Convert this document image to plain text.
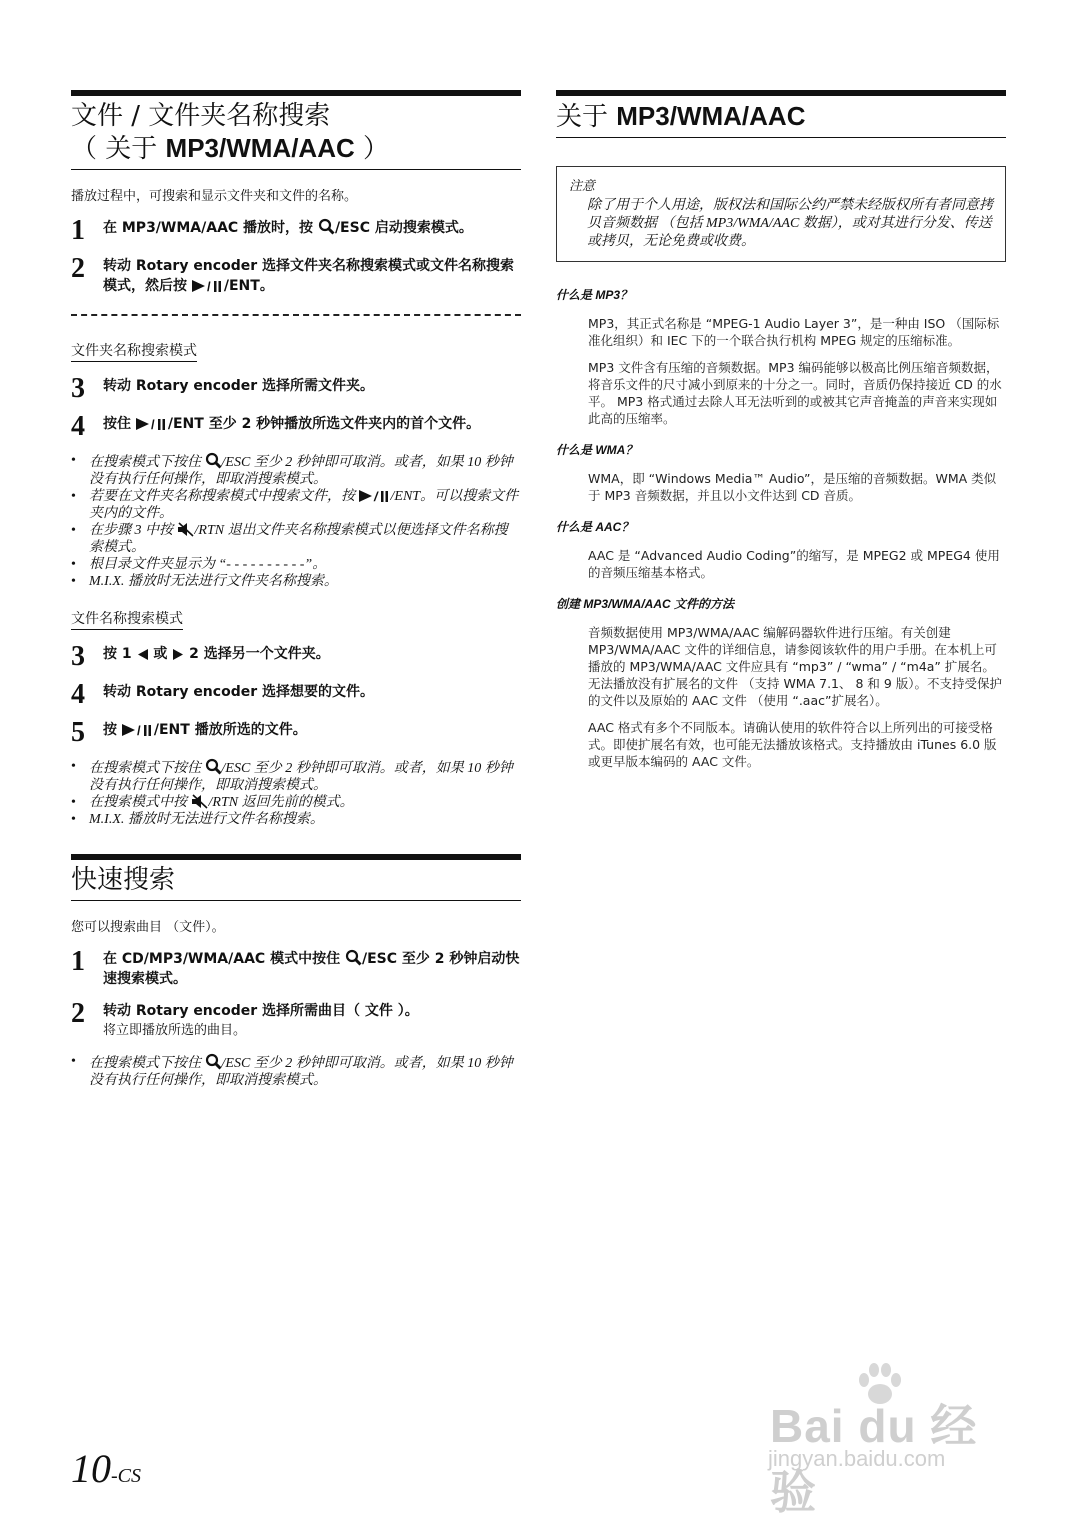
文件 / 文件夹名称搜索
（ 关于 MP3/WMA/AAC ）
播放过程中，可搜索和显示文件夹和文件的名称。
1	在 MP3/WMA/AAC 播放时，按 /ESC 启动搜索模式。
2	转动 Rotary encoder 选择文件夹名称搜索模式或文件名称搜索模式，然后按 / /ENT。
文件夹名称搜索模式
3	转动 Rotary encoder 选择所需文件夹。
4	按住 / /ENT 至少 2 秒钟播放所选文件夹内的首个文件。
• 在搜索模式下按住 /ESC 至少 2 秒钟即可取消。或者，如果 10 秒钟没有执行任何操作，即取消搜索模式。
• 若要在文件夹名称搜索模式中搜索文件，按 / /ENT。可以搜索文件夹内的文件。
• 在步骤 3 中按 /RTN 退出文件夹名称搜索模式以便选择文件名称搜索模式。
• 根目录文件夹显示为 “- - - - - - - - - -”。
• M.I.X. 播放时无法进行文件夹名称搜索。
文件名称搜索模式
3	按 1  或  2 选择另一个文件夹。
4	转动 Rotary encoder 选择想要的文件。
5	按 / /ENT 播放所选的文件。
• 在搜索模式下按住 /ESC 至少 2 秒钟即可取消。或者，如果 10 秒钟没有执行任何操作，即取消搜索模式。
• 在搜索模式中按 /RTN 返回先前的模式。
• M.I.X. 播放时无法进行文件名称搜索。
快速搜索
您可以搜索曲目 （文件）。
1	在 CD/MP3/WMA/AAC 模式中按住 /ESC 至少 2 秒钟启动快速搜索模式。
2	转动 Rotary encoder 选择所需曲目（ 文件 ）。
将立即播放所选的曲目。
• 在搜索模式下按住 /ESC 至少 2 秒钟即可取消。或者，如果 10 秒钟没有执行任何操作，即取消搜索模式。
关于 MP3/WMA/AAC
注意
除了用于个人用途，版权法和国际公约严禁未经版权所有者同意拷贝音频数据 （包括 MP3/WMA/AAC 数据），或对其进行分发、传送或拷贝，无论免费或收费。
什么是 MP3？
MP3，其正式名称是 “MPEG-1 Audio Layer 3”，是一种由 ISO （国际标准化组织）和 IEC 下的一个联合执行机构 MPEG 规定的压缩标准。
MP3 文件含有压缩的音频数据。MP3 编码能够以极高比例压缩音频数据，将音乐文件的尺寸减小到原来的十分之一。同时，音质仍保持接近 CD 的水平。 MP3 格式通过去除人耳无法听到的或被其它声音掩盖的声音来实现如此高的压缩率。
什么是 WMA？
WMA，即 “Windows Media™ Audio”，是压缩的音频数据。WMA 类似于 MP3 音频数据，并且以小文件达到 CD 音质。
什么是 AAC？
AAC 是 “Advanced Audio Coding”的缩写，是 MPEG2 或 MPEG4 使用的音频压缩基本格式。
创建 MP3/WMA/AAC 文件的方法
音频数据使用 MP3/WMA/AAC 编解码器软件进行压缩。有关创建 MP3/WMA/AAC 文件的详细信息，请参阅该软件的用户手册。在本机上可播放的 MP3/WMA/AAC 文件应具有 “mp3” / “wma” / “m4a” 扩展名。无法播放没有扩展名的文件 （支持 WMA 7.1、 8 和 9 版）。不支持受保护的文件以及原始的 AAC 文件 （使用 “.aac”扩展名）。
AAC 格式有多个不同版本。请确认使用的软件符合以上所列出的可接受格式。即使扩展名有效，也可能无法播放该格式。支持播放由 iTunes 6.0 版或更早版本编码的 AAC 文件。
10-CS
Bai du 经验
jingyan.baidu.com
